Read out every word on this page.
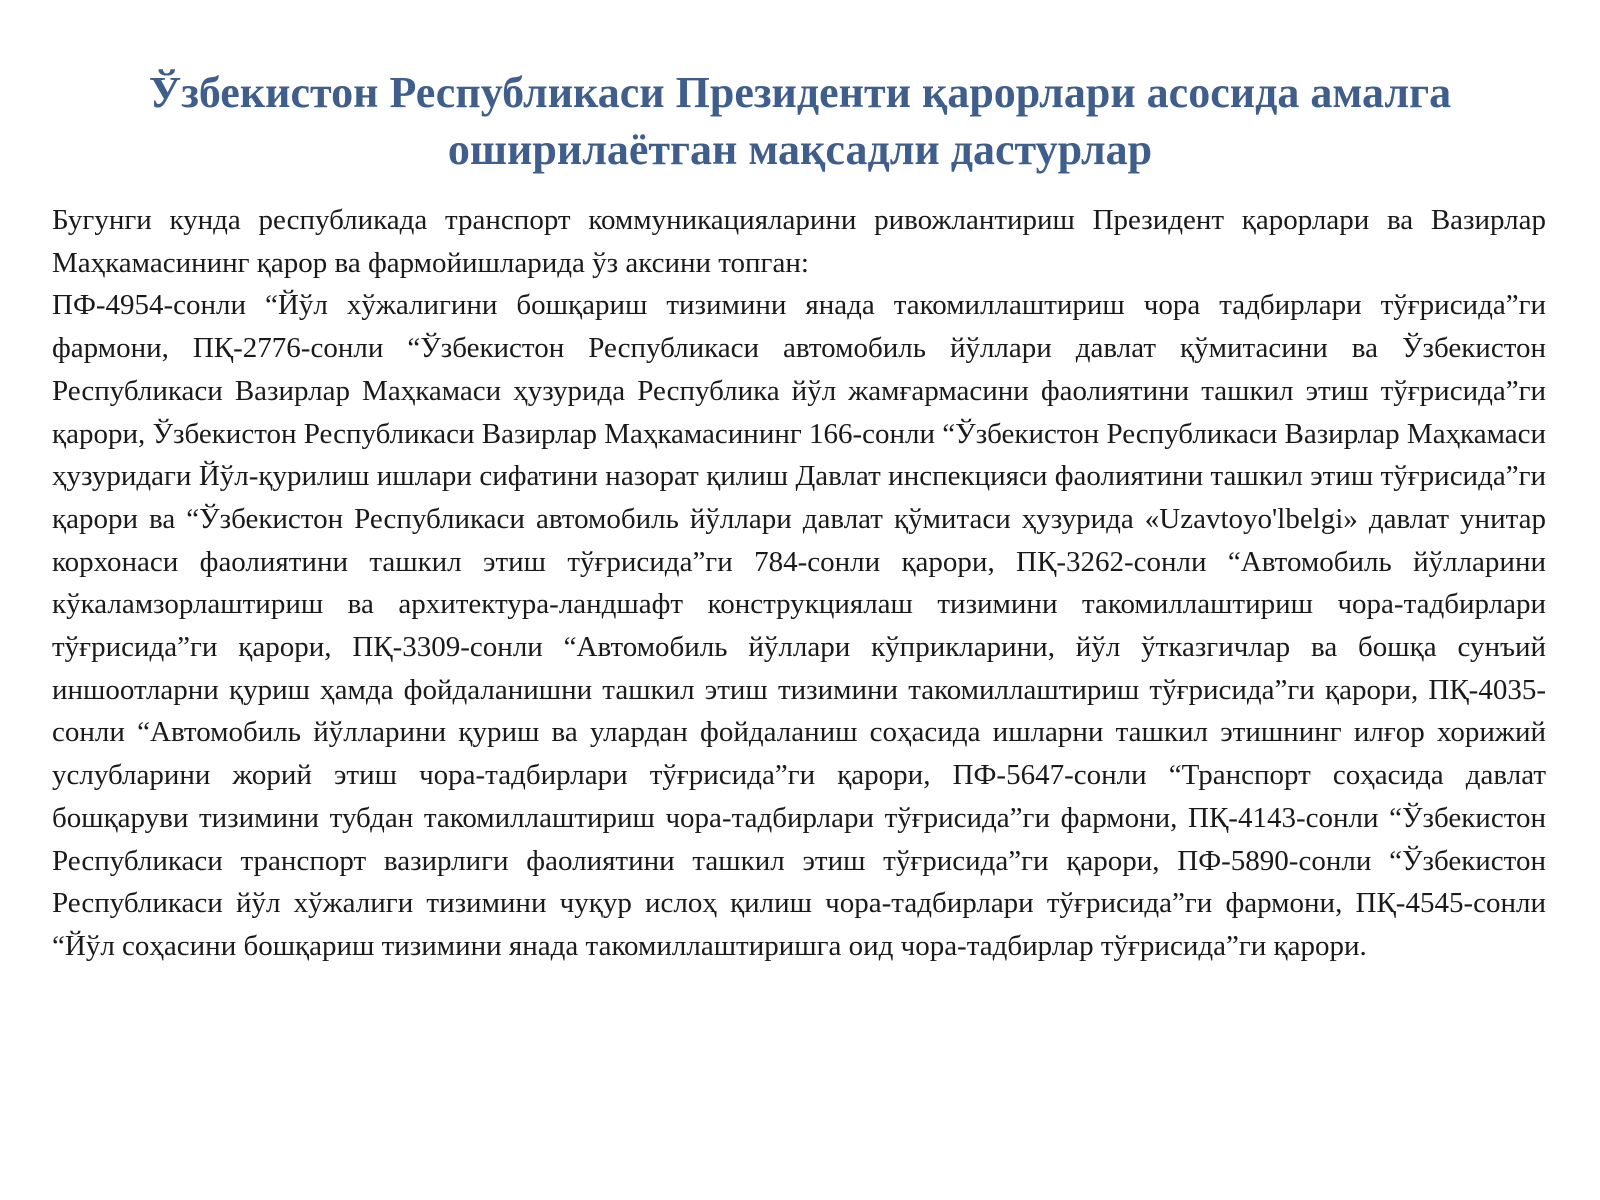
Ўзбекистон Республикаси Президенти қарорлари асосида амалга оширилаётган мақсадли дастурлар

Бугунги кунда республикада транспорт коммуникацияларини ривожлантириш Президент қарорлари ва Вазирлар Маҳкамасининг қарор ва фармойишларида ўз аксини топган:

ПФ-4954-сонли “Йўл хўжалигини бошқариш тизимини янада такомиллаштириш чора тадбирлари тўғрисида”ги фармони, ПҚ-2776-сонли “Ўзбекистон Республикаси автомобиль йўллари давлат қўмитасини ва Ўзбекистон Республикаси Вазирлар Маҳкамаси ҳузурида Республика йўл жамғармасини фаолиятини ташкил этиш тўғрисида”ги қарори, Ўзбекистон Республикаси Вазирлар Маҳкамасининг 166-сонли “Ўзбекистон Республикаси Вазирлар Маҳкамаси ҳузуридаги Йўл-қурилиш ишлари сифатини назорат қилиш Давлат инспекцияси фаолиятини ташкил этиш тўғрисида”ги қарори ва “Ўзбекистон Республикаси автомобиль йўллари давлат қўмитаси ҳузурида «Uzavtoyo'lbelgi» давлат унитар корхонаси фаолиятини ташкил этиш тўғрисида”ги 784-сонли қарори, ПҚ-3262-сонли “Автомобиль йўлларини кўкаламзорлаштириш ва архитектура-ландшафт конструкциялаш тизимини такомиллаштириш чора-тадбирлари тўғрисида”ги қарори, ПҚ-3309-сонли “Автомобиль йўллари кўприкларини, йўл ўтказгичлар ва бошқа сунъий иншоотларни қуриш ҳамда фойдаланишни ташкил этиш тизимини такомиллаштириш тўғрисида”ги қарори, ПҚ-4035-сонли “Автомобиль йўлларини қуриш ва улардан фойдаланиш соҳасида ишларни ташкил этишнинг илғор хорижий услубларини жорий этиш чора-тадбирлари тўғрисида”ги қарори, ПФ-5647-сонли “Транспорт соҳасида давлат бошқаруви тизимини тубдан такомиллаштириш чора-тадбирлари тўғрисида”ги фармони, ПҚ-4143-сонли “Ўзбекистон Республикаси транспорт вазирлиги фаолиятини ташкил этиш тўғрисида”ги қарори, ПФ-5890-сонли “Ўзбекистон Республикаси йўл хўжалиги тизимини чуқур ислоҳ қилиш чора-тадбирлари тўғрисида”ги фармони, ПҚ-4545-сонли “Йўл соҳасини бошқариш тизимини янада такомиллаштиришга оид чора-тадбирлар тўғрисида”ги қарори.
